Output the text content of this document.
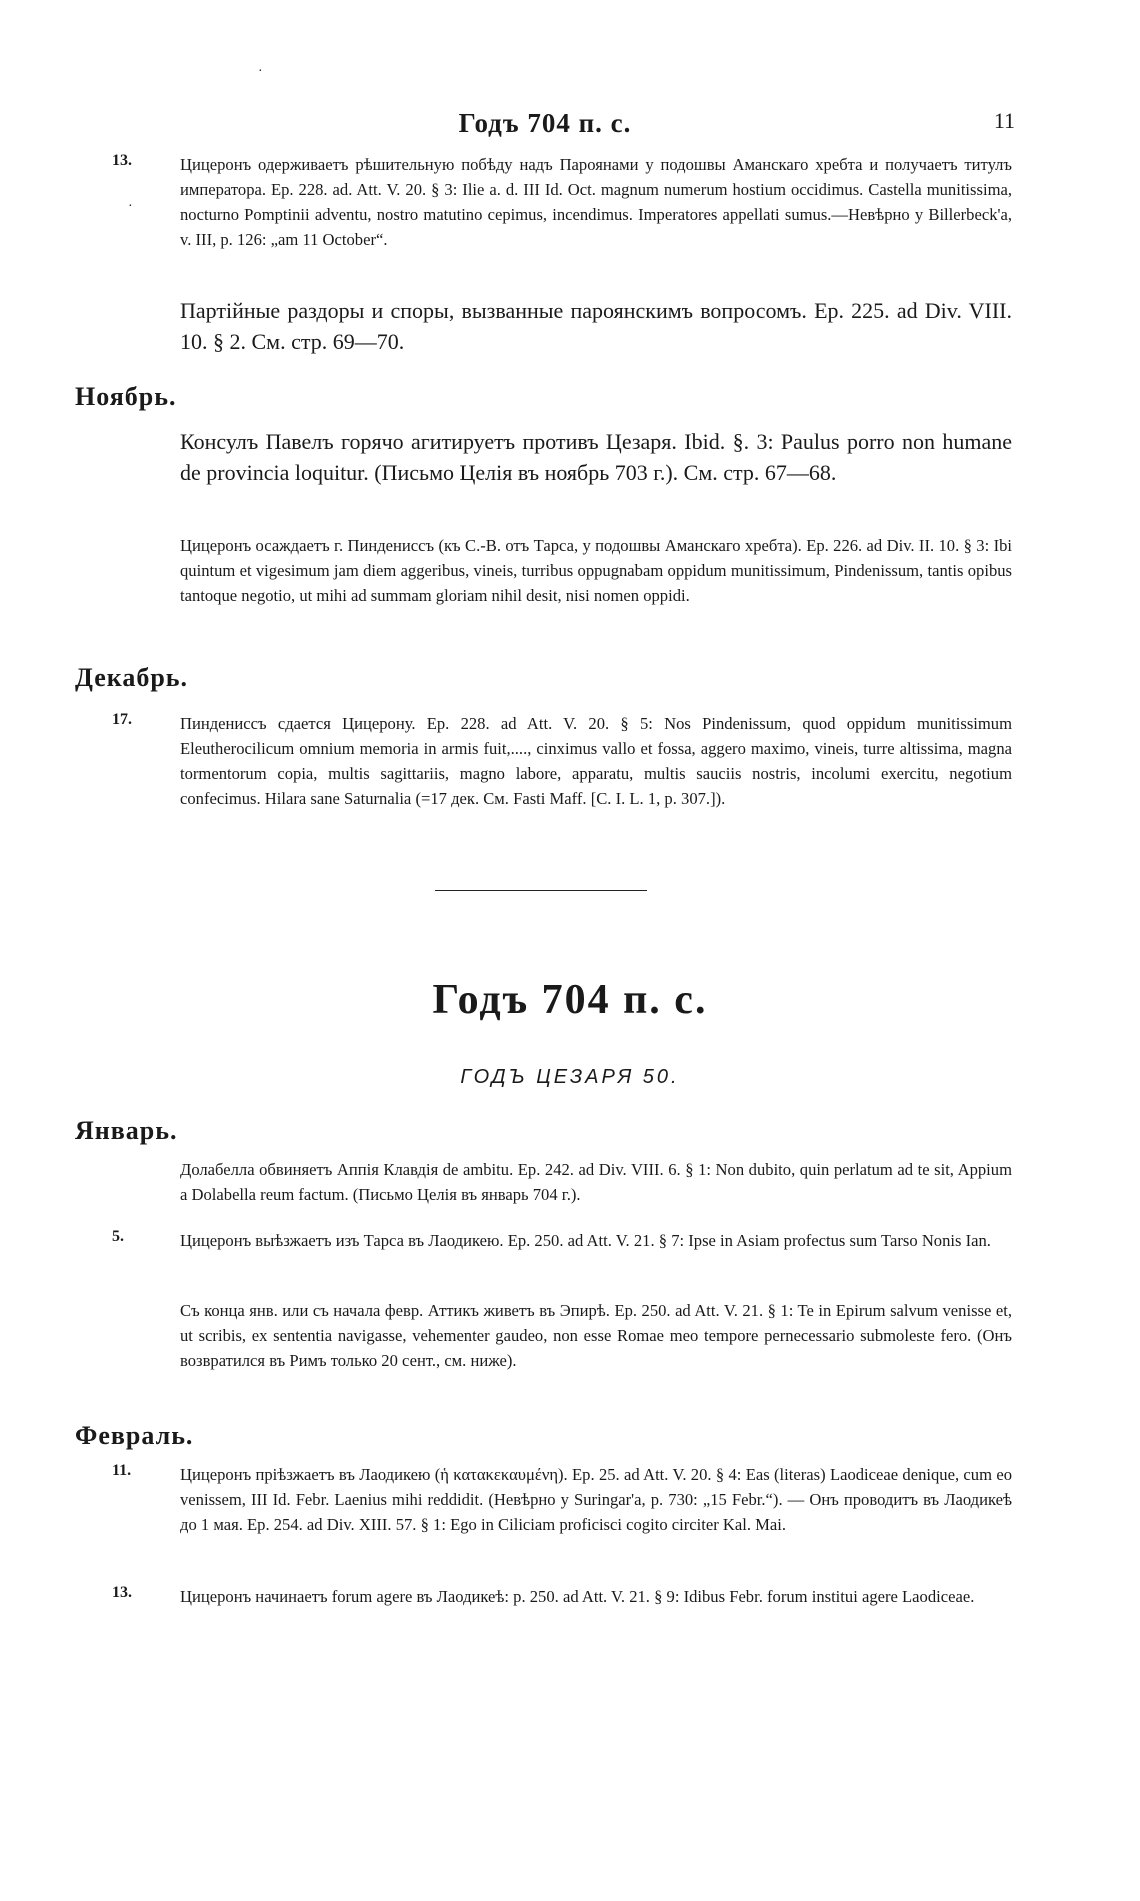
·
Годъ 704 п. с.	11
13.	Цицеронъ одерживаетъ рѣшительную побѣду надъ Пароянами у подошвы Аманскаго хребта и получаетъ титулъ императора. Ep. 228. ad. Att. V. 20. § 3: Ilie a. d. III Id. Oct. magnum numerum hostium occidimus. Castella munitissima, nocturno Pomptinii adventu, nostro matutino cepimus, incendimus. Imperatores appellati sumus.—Невѣрно у Billerbeck'a, v. III, p. 126: „am 11 October“.
·
Партійные раздоры и споры, вызванные пароянскимъ вопросомъ. Ep. 225. ad Div. VIII. 10. § 2. См. стр. 69—70.
Ноябрь.
Консулъ Павелъ горячо агитируетъ противъ Цезаря. Ibid. §. 3: Paulus porro non humane de provincia loquitur. (Письмо Целія въ ноябрь 703 г.). См. стр. 67—68.
Цицеронъ осаждаетъ г. Пиндениссъ (къ С.-В. отъ Тарса, у подошвы Аманскаго хребта). Ep. 226. ad Div. II. 10. § 3: Ibi quintum et vigesimum jam diem aggeribus, vineis, turribus oppugnabam oppidum munitissimum, Pindenissum, tantis opibus tantoque negotio, ut mihi ad summam gloriam nihil desit, nisi nomen oppidi.
Декабрь.
17.	Пиндениссъ сдается Цицерону. Ep. 228. ad Att. V. 20. § 5: Nos Pindenissum, quod oppidum munitissimum Eleutherocilicum omnium memoria in armis fuit,...., cinximus vallo et fossa, aggero maximo, vineis, turre altissima, magna tormentorum copia, multis sagittariis, magno labore, apparatu, multis sauciis nostris, incolumi exercitu, negotium confecimus. Hilara sane Saturnalia (=17 дек. См. Fasti Maff. [C. I. L. 1, p. 307.]).
Годъ 704 п. с.
ГОДЪ ЦЕЗАРЯ 50.
Январь.
Долабелла обвиняетъ Аппія Клавдія de ambitu. Ep. 242. ad Div. VIII. 6. § 1: Non dubito, quin perlatum ad te sit, Appium a Dolabella reum factum. (Письмо Целія въ январь 704 г.).
5.	Цицеронъ выѣзжаетъ изъ Тарса въ Лаодикею. Ep. 250. ad Att. V. 21. § 7: Ipse in Asiam profectus sum Tarso Nonis Ian.
Съ конца янв. или съ начала февр. Аттикъ живетъ въ Эпирѣ. Ep. 250. ad Att. V. 21. § 1: Te in Epirum salvum venisse et, ut scribis, ex sententia navigasse, vehementer gaudeo, non esse Romae meo tempore pernecessario submoleste fero. (Онъ возвратился въ Римъ только 20 сент., см. ниже).
Февраль.
11.	Цицеронъ пріѣзжаетъ въ Лаодикею (ἡ κατακεκαυμένη). Ep. 25. ad Att. V. 20. § 4: Eas (literas) Laodiceae denique, cum eo venissem, III Id. Febr. Laenius mihi reddidit. (Невѣрно у Suringar'a, p. 730: „15 Febr.“). — Онъ проводитъ въ Лаодикеѣ до 1 мая. Ep. 254. ad Div. XIII. 57. § 1: Ego in Ciliciam proficisci cogito circiter Kal. Mai.
13.	Цицеронъ начинаетъ forum agere въ Лаодикеѣ: p. 250. ad Att. V. 21. § 9: Idibus Febr. forum institui agere Laodiceae.
